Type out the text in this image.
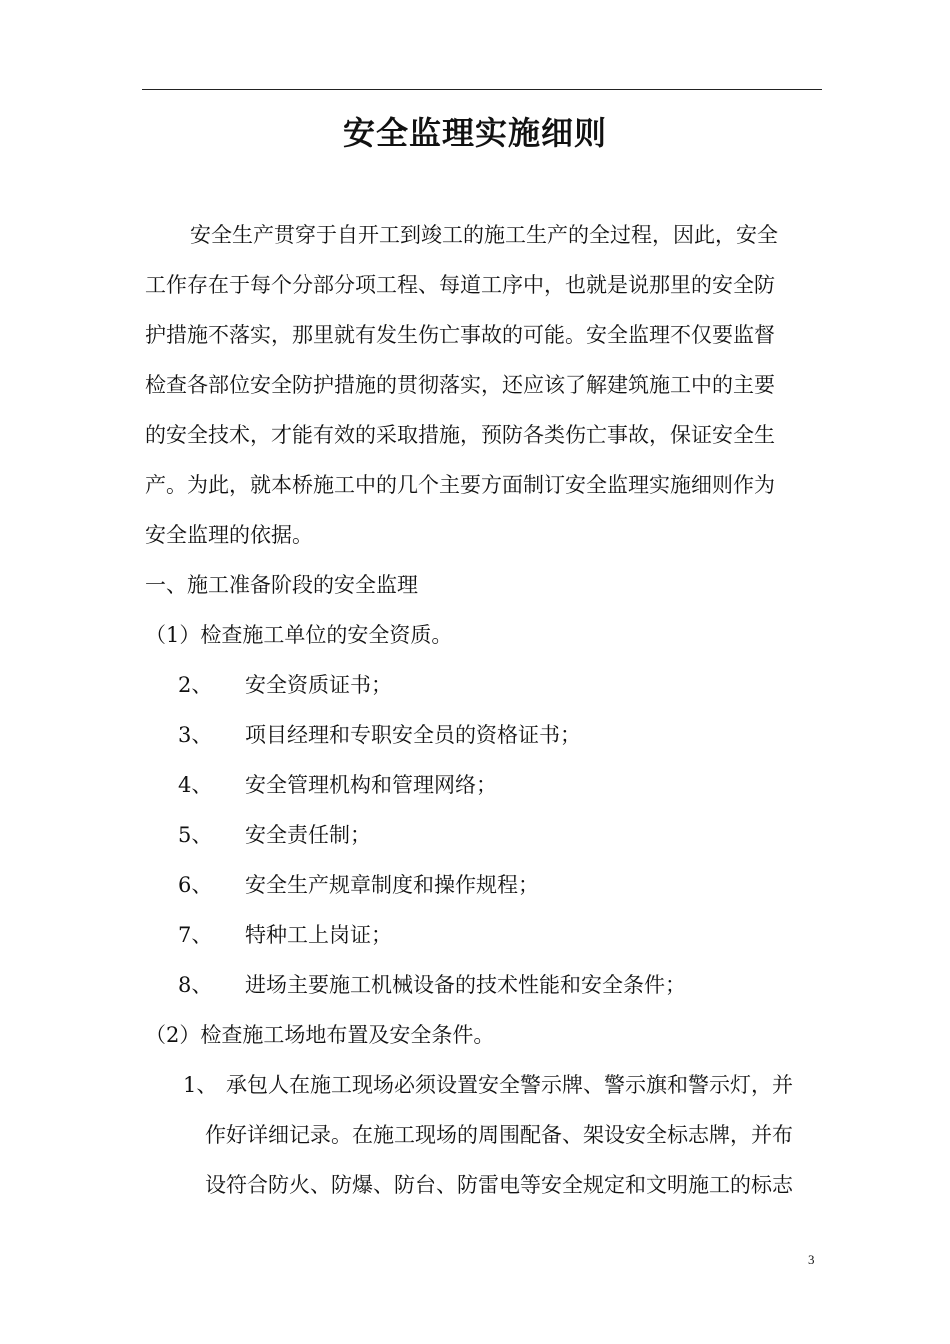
安全监理实施细则

安全生产贯穿于自开工到竣工的施工生产的全过程，因此，安全

工作存在于每个分部分项工程、每道工序中，也就是说那里的安全防

护措施不落实，那里就有发生伤亡事故的可能。安全监理不仅要监督

检查各部位安全防护措施的贯彻落实，还应该了解建筑施工中的主要

的安全技术，才能有效的采取措施，预防各类伤亡事故，保证安全生

产。为此，就本桥施工中的几个主要方面制订安全监理实施细则作为

安全监理的依据。

一、施工准备阶段的安全监理

（1）检查施工单位的安全资质。

2、 安全资质证书；
3、 项目经理和专职安全员的资格证书；
4、 安全管理机构和管理网络；
5、 安全责任制；
6、 安全生产规章制度和操作规程；
7、 特种工上岗证；
8、 进场主要施工机械设备的技术性能和安全条件；

（2）检查施工场地布置及安全条件。

1、 承包人在施工现场必须设置安全警示牌、警示旗和警示灯，并
作好详细记录。在施工现场的周围配备、架设安全标志牌，并布
设符合防火、防爆、防台、防雷电等安全规定和文明施工的标志
3
